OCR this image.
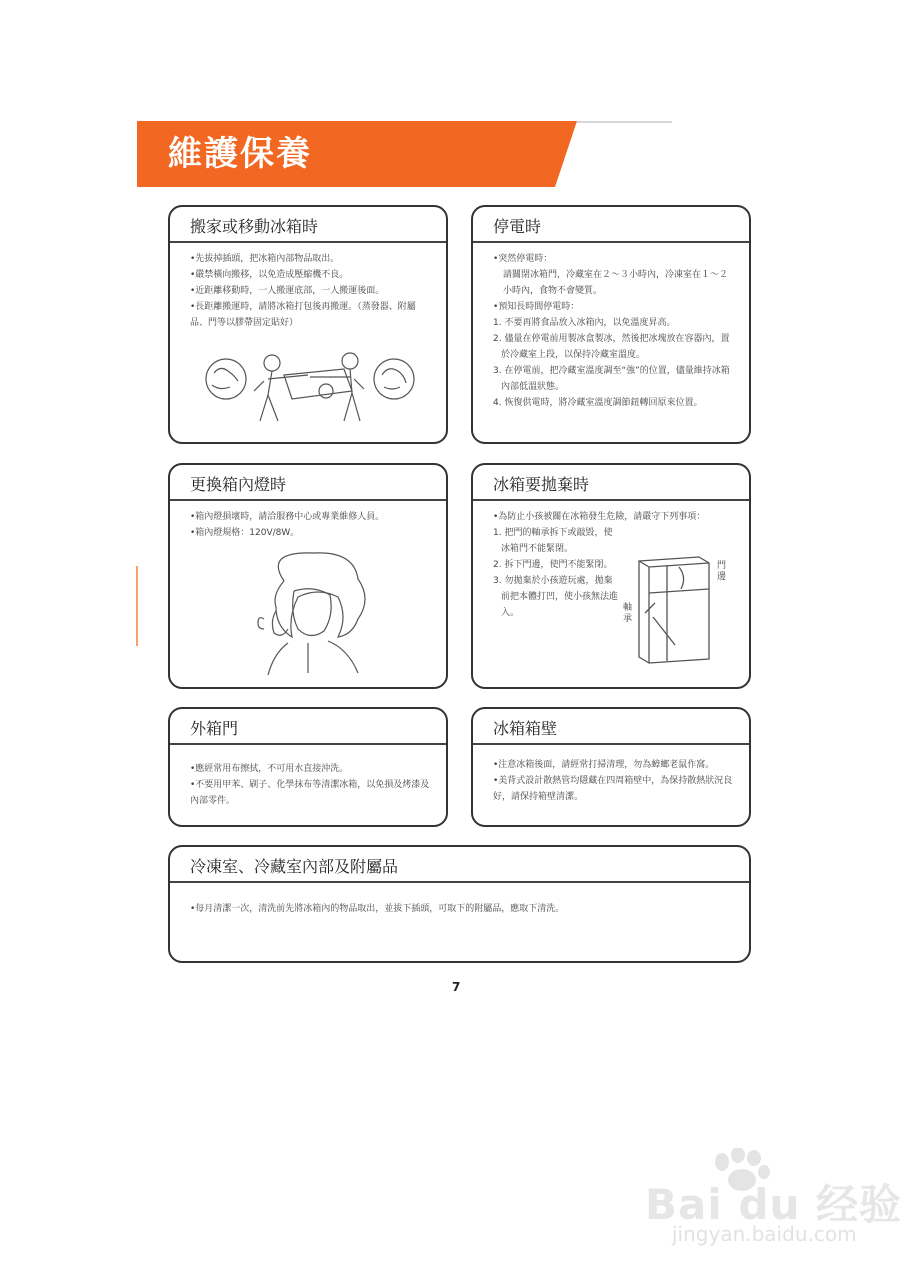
維護保養
搬家或移動冰箱時

•先拔掉插頭，把冰箱內部物品取出。

•嚴禁橫向搬移，以免造成壓縮機不良。

•近距離移動時，一人搬運底部，一人搬運後面。

•長距離搬運時，請將冰箱打包後再搬運。（蒸發器、附屬品、門等以膠帶固定貼好）

停電時

•突然停電時：

請關閉冰箱門，冷藏室在２～３小時內，冷凍室在１～２小時內，食物不會變質。

•預知長時間停電時：

1. 不要再將食品放入冰箱內，以免溫度昇高。

2. 儘量在停電前用製冰盒製冰，然後把冰塊放在容器內，置於冷藏室上段，以保持冷藏室溫度。

3. 在停電前，把冷藏室溫度調至“強”的位置，儘量維持冰箱內部低溫狀態。

4. 恢復供電時，將冷藏室溫度調節鈕轉回原來位置。

更換箱內燈時

•箱內燈損壞時，請洽服務中心或專業維修人員。

•箱內燈規格：120V/8W。

冰箱要拋棄時

•為防止小孩被關在冰箱發生危險，請嚴守下列事項：

1. 把門的軸承拆下或敲毀，使冰箱門不能緊閉。

2. 拆下門邊，使門不能緊閉。

3. 勿拋棄於小孩遊玩處，拋棄前把本體打凹，使小孩無法進入。

門邊
軸承
外箱門

•應經常用布擦拭，不可用水直接沖洗。

•不要用甲苯、刷子、化學抹布等清潔冰箱，以免損及烤漆及內部零件。

冰箱箱壁

•注意冰箱後面，請經常打掃清理，勿為蟑螂老鼠作窩。

•美背式設計散熱管均隱藏在四周箱壁中，為保持散熱狀況良好，請保持箱壁清潔。

冷凍室、冷藏室內部及附屬品

•每月清潔一次，清洗前先將冰箱內的物品取出，並拔下插頭，可取下的附屬品，應取下清洗。

7
Bai du 经验
jingyan.baidu.com
